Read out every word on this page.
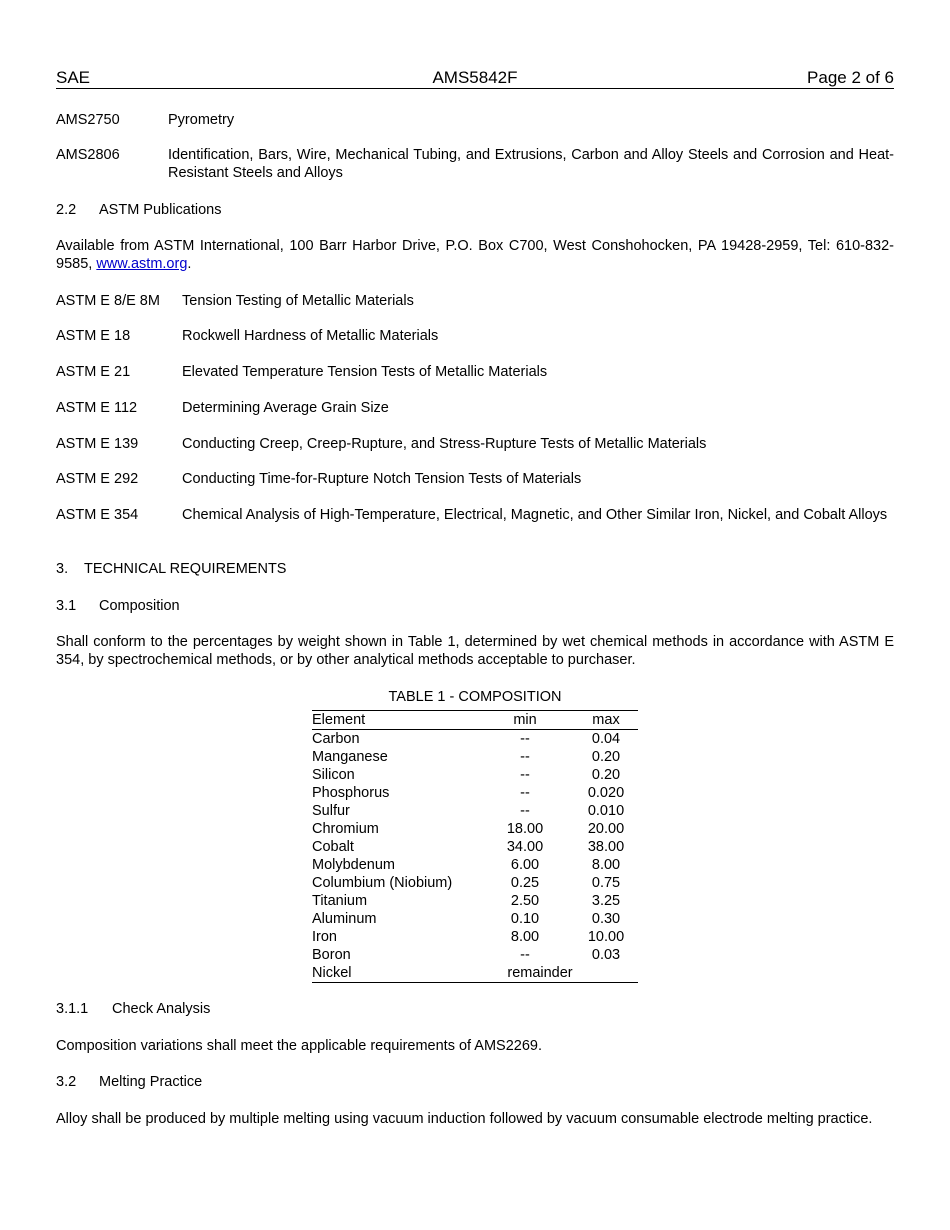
SAE	AMS5842F	Page 2 of 6
AMS2750	Pyrometry
AMS2806	Identification, Bars, Wire, Mechanical Tubing, and Extrusions, Carbon and Alloy Steels and Corrosion and Heat-Resistant Steels and Alloys
2.2 ASTM Publications
Available from ASTM International, 100 Barr Harbor Drive, P.O. Box C700, West Conshohocken, PA 19428-2959, Tel: 610-832-9585, www.astm.org.
ASTM E 8/E 8M Tension Testing of Metallic Materials
ASTM E 18	Rockwell Hardness of Metallic Materials
ASTM E 21	Elevated Temperature Tension Tests of Metallic Materials
ASTM E 112	Determining Average Grain Size
ASTM E 139	Conducting Creep, Creep-Rupture, and Stress-Rupture Tests of Metallic Materials
ASTM E 292	Conducting Time-for-Rupture Notch Tension Tests of Materials
ASTM E 354	Chemical Analysis of High-Temperature, Electrical, Magnetic, and Other Similar Iron, Nickel, and Cobalt Alloys
3. TECHNICAL REQUIREMENTS
3.1 Composition
Shall conform to the percentages by weight shown in Table 1, determined by wet chemical methods in accordance with ASTM E 354, by spectrochemical methods, or by other analytical methods acceptable to purchaser.
TABLE 1 - COMPOSITION
Element	min	max
Carbon	--	0.04
Manganese	--	0.20
Silicon	--	0.20
Phosphorus	--	0.020
Sulfur	--	0.010
Chromium	18.00	20.00
Cobalt	34.00	38.00
Molybdenum	6.00	8.00
Columbium (Niobium)	0.25	0.75
Titanium	2.50	3.25
Aluminum	0.10	0.30
Iron	8.00	10.00
Boron	--	0.03
Nickel	remainder
3.1.1 Check Analysis
Composition variations shall meet the applicable requirements of AMS2269.
3.2 Melting Practice
Alloy shall be produced by multiple melting using vacuum induction followed by vacuum consumable electrode melting practice.
